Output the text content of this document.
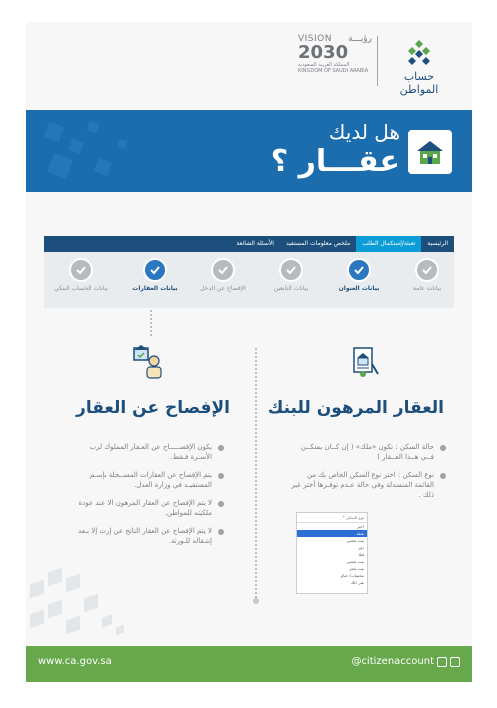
حساب المواطن
VISION رؤيـــة
2030
المملكة العربية السعودية
KINGDOM OF SAUDI ARABIA
هل لديك
عقـــار ؟
الرئيسية
تعبئة/إستكمال الطلب
ملخص معلومات المستفيد
الأسئلة الشائعة
بيانات عامة
بيانات العنوان
بيانات التابعين
الإفصاح عن الدخل
بيانات العقارات
بيانات الحساب البنكي
الإفصاح عن العقار العقار المرهون للبنك
يكون الإفصـــــاح عن العـقار المملوك لرب الأسـرة فـقط.
يتم الإفصاح عن العقارات المســجلة بإسـم المستفيـد في وزارة العدل.
لا يتم الإفصاح عن العقار المرهون الا عند عودة ملكيته للمواطن.
لا يتم الإفصاح عن العقار الناتج عن إرث إلا بـعد إنتـقاله للـورثة.
حالة السكن : تكون «ملك» ( إن كــان يسكــن فــي هــذا العــقار )
نوع السكن : اختر نوع السكن الخاص بك من القائمة المنسدلة وفي حالة عـدم توفـرها أختر غير ذلك .
نوع السكن *
اختر
شقة
بيت شعبي
دور
فيلا
بيت شعبي
بيت شعر
مخيمات/ خيام
غير ذلك
www.ca.gov.sa	@citizenaccount
